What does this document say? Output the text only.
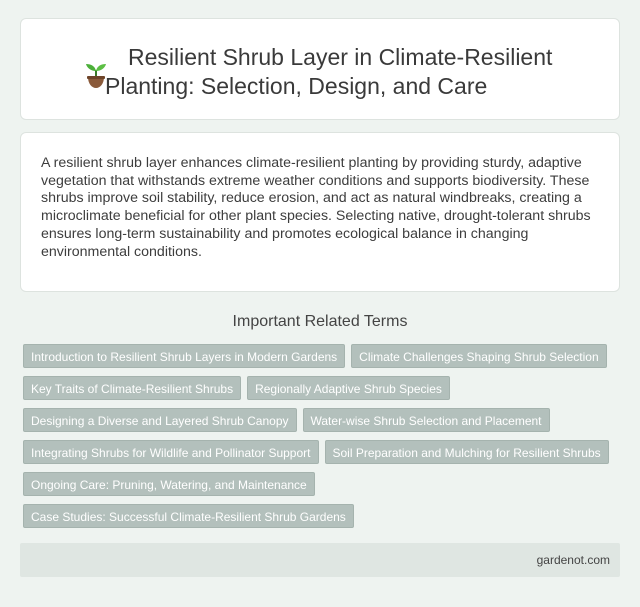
Resilient Shrub Layer in Climate-Resilient Planting: Selection, Design, and Care

A resilient shrub layer enhances climate-resilient planting by providing sturdy, adaptive vegetation that withstands extreme weather conditions and supports biodiversity. These shrubs improve soil stability, reduce erosion, and act as natural windbreaks, creating a microclimate beneficial for other plant species. Selecting native, drought-tolerant shrubs ensures long-term sustainability and promotes ecological balance in changing environmental conditions.

Important Related Terms
Introduction to Resilient Shrub Layers in Modern Gardens Climate Challenges Shaping Shrub Selection
Key Traits of Climate-Resilient Shrubs Regionally Adaptive Shrub Species
Designing a Diverse and Layered Shrub Canopy Water-wise Shrub Selection and Placement
Integrating Shrubs for Wildlife and Pollinator Support Soil Preparation and Mulching for Resilient Shrubs
Ongoing Care: Pruning, Watering, and Maintenance
Case Studies: Successful Climate-Resilient Shrub Gardens
gardenot.com
